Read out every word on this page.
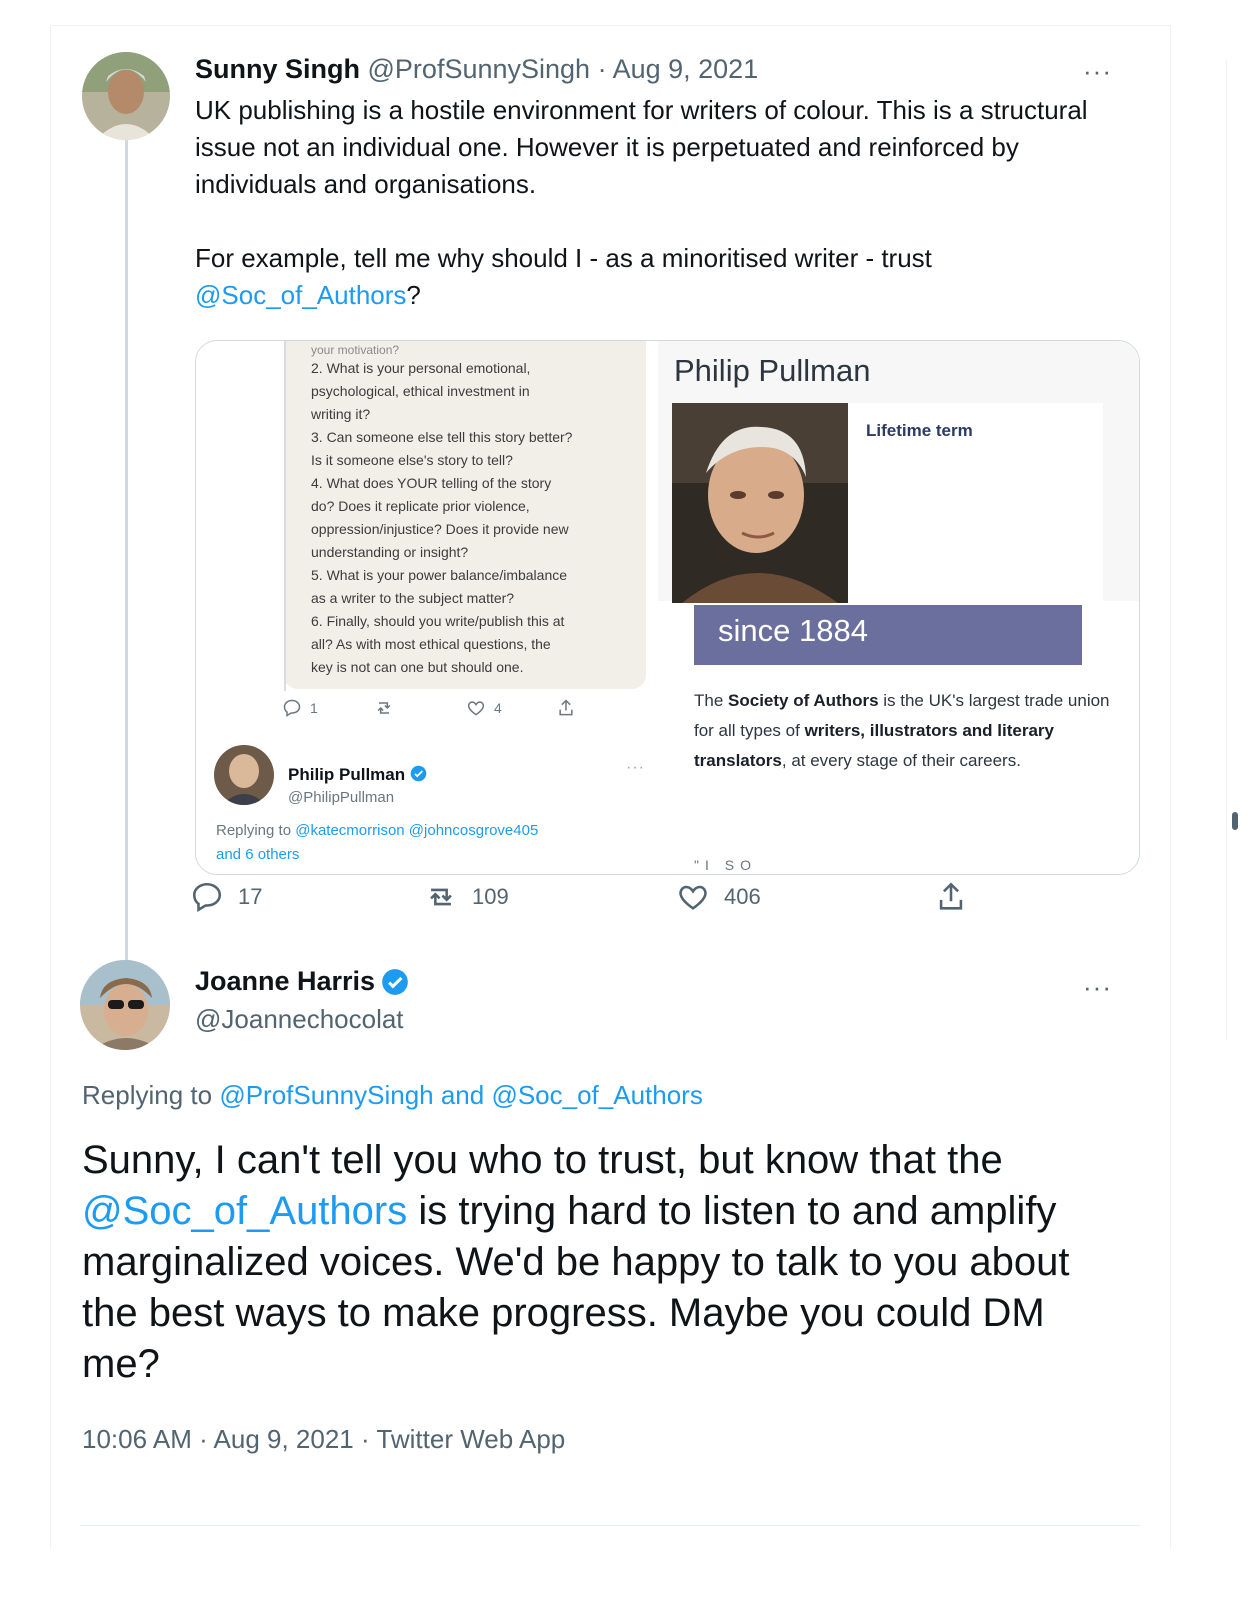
Sunny Singh @ProfSunnySingh · Aug 9, 2021	···

UK publishing is a hostile environment for writers of colour. This is a structural issue not an individual one. However it is perpetuated and reinforced by individuals and organisations.

For example, tell me why should I - as a minoritised writer - trust @Soc_of_Authors?

your motivation?
2. What is your personal emotional,
psychological, ethical investment in
writing it?
3. Can someone else tell this story better?
Is it someone else's story to tell?
4. What does YOUR telling of the story
do? Does it replicate prior violence,
oppression/injustice? Does it provide new
understanding or insight?
5. What is your power balance/imbalance
as a writer to the subject matter?
6. Finally, should you write/publish this at
all? As with most ethical questions, the
key is not can one but should one.
1	4
Philip Pullman
@PhilipPullman
···
Replying to @katecmorrison @johncosgrove405
and 6 others
Philip Pullman
Lifetime term
since 1884
The Society of Authors is the UK's largest trade union for all types of writers, illustrators and literary translators, at every stage of their careers.
"I SO
17	109	406
Joanne Harris
@Joannechocolat
···
Replying to @ProfSunnySingh and @Soc_of_Authors
Sunny, I can't tell you who to trust, but know that the @Soc_of_Authors is trying hard to listen to and amplify marginalized voices. We'd be happy to talk to you about the best ways to make progress. Maybe you could DM me?
10:06 AM · Aug 9, 2021 · Twitter Web App
